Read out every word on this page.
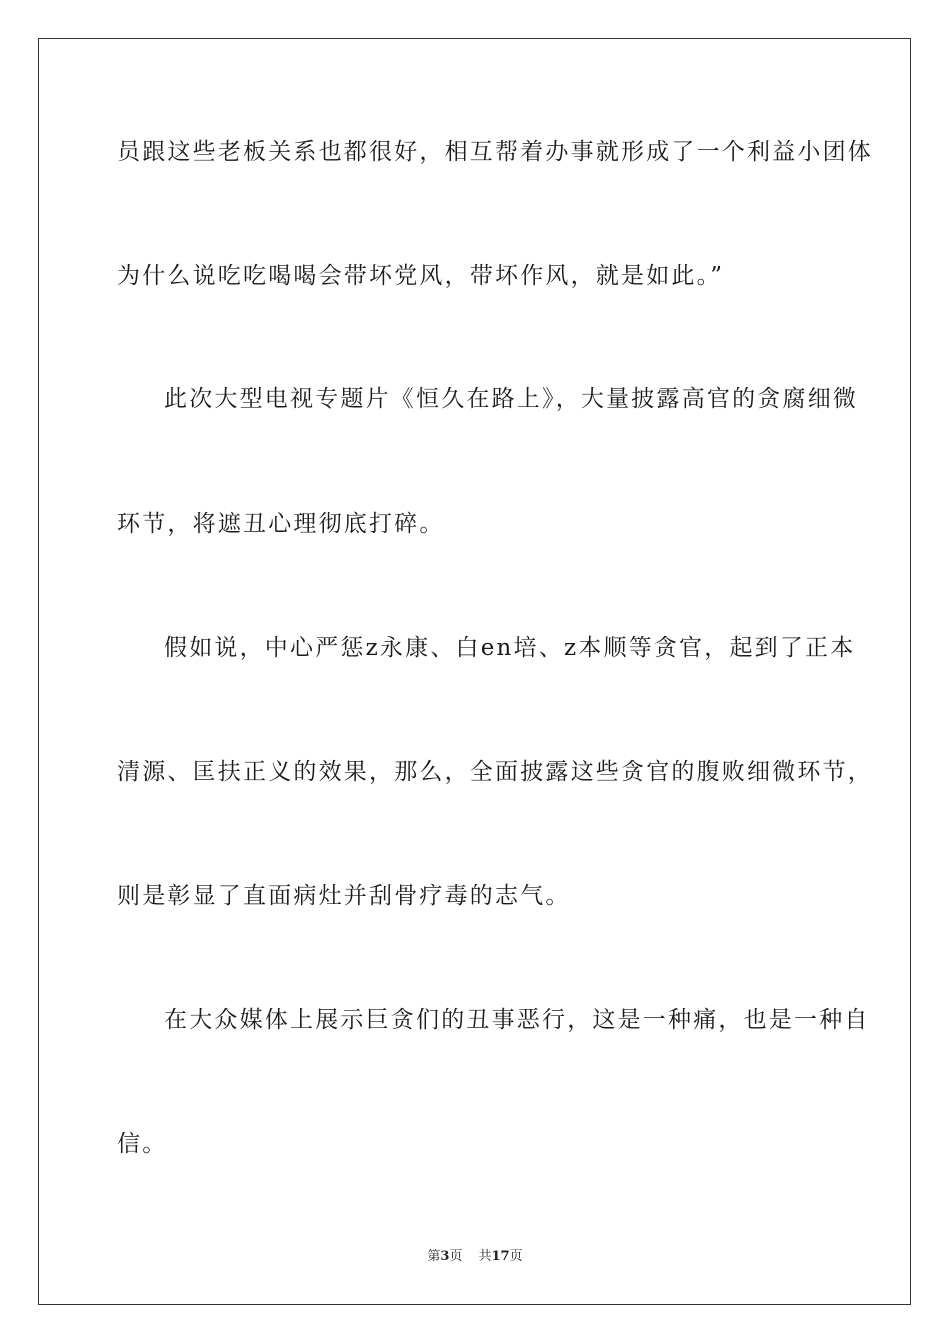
员跟这些老板关系也都很好，相互帮着办事就形成了一个利益小团体
为什么说吃吃喝喝会带坏党风，带坏作风，就是如此。”
此次大型电视专题片《恒久在路上》，大量披露高官的贪腐细微
环节，将遮丑心理彻底打碎。
假如说，中心严惩z永康、白en培、z本顺等贪官，起到了正本
清源、匡扶正义的效果，那么，全面披露这些贪官的腹败细微环节，
则是彰显了直面病灶并刮骨疗毒的志气。
在大众媒体上展示巨贪们的丑事恶行，这是一种痛，也是一种自
信。
第3页 共17页
